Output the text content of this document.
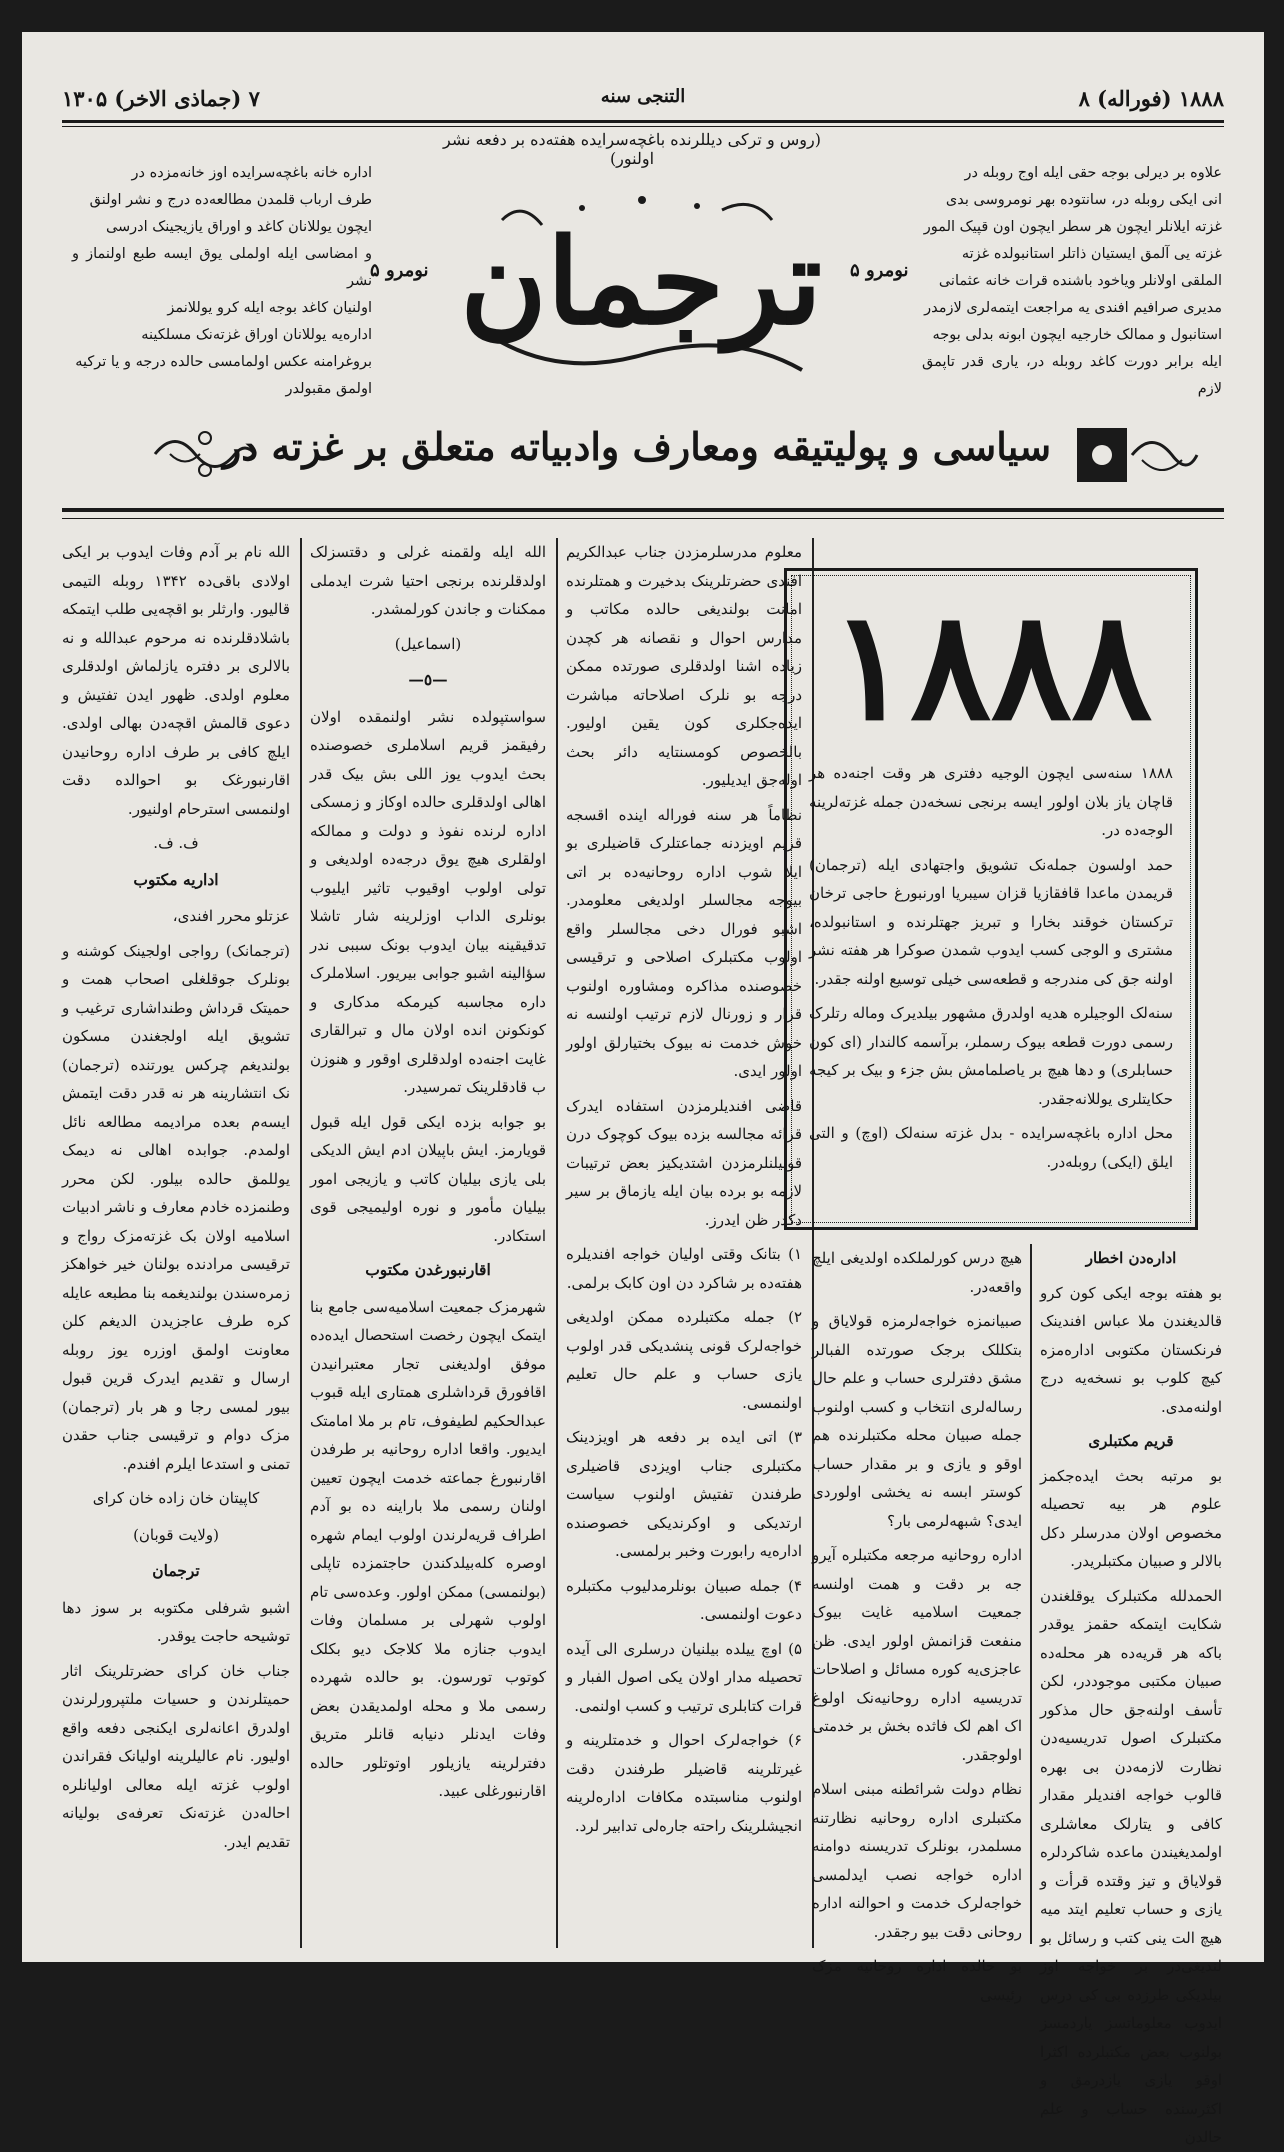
۱۸۸۸ (فوراله) ۸
التنجی سنه
۷ (جماذی الاخر) ۱۳۰۵
(روس و ترکی دیللرنده باغچه‌سرایده هفته‌ده بر دفعه نشر اولنور)
علاوه بر دیرلی بوجه حقی ایله اوج روبله در
انی ایکی روبله در، سانتوده بهر نومروسی بدی
غزته ایلانلر ایچون هر سطر ایچون اون قپیک المور
غزته یی آلمق ایستیان ذاتلر استانبولده غزته
الملقی اولانلر ویاخود باشنده قرات خانه عثمانی
مدیری صرافیم افندی یه مراجعت ایتمه‌لری لازمدر
استانبول و ممالک خارجیه ایچون ابونه بدلی بوجه
ایله برابر دورت کاغد روبله در، یاری قدر تاپمق لازم
اداره خانه باغچه‌سرایده اوز خانه‌مزده در
طرف ارباب قلمدن مطالعه‌ده درج و نشر اولنق
ایچون یوللانان کاغد و اوراق یازیجینک ادرسی
و امضاسی ایله اولملی یوق ایسه طبع اولنماز و نشر
اولنیان کاغد بوجه ایله کرو یوللانمز
اداره‌یه یوللانان اوراق غزته‌نک مسلکینه
بروغرامنه عکس اولمامسی حالده درجه و یا ترکیه
اولمق مقبولدر
نومرو ۵
نومرو ۵ ترجمان
سیاسی و پولیتیقه ومعارف وادبیاته متعلق بر غزته در

الله نام بر آدم وفات ایدوب بر ایکی اولادی باقی‌ده ۱۳۴۲ روبله التیمی قالیور. وارثلر بو اقچه‌یی طلب ایتمکه باشلادقلرنده نه مرحوم عبدالله و نه بالالری بر دفتره یازلماش اولدقلری معلوم اولدی. ظهور ایدن تفتیش و دعوی قالمش اقچه‌دن بهالی اولدی. ایلچ کافی بر طرف اداره روحانیدن اقارنبورغک بو احوالده دقت اولنمسی استرحام اولنیور.

ف. ف.

اداریه مکتوب

عزتلو محرر افندی،

(ترجمانک) رواجی اولجینک کوشنه و بونلرک جوقلغلی اصحاب همت و حمیتک قرداش وطنداشاری ترغیب و تشویق ایله اولجغندن مسکون بولندیغم چرکس یورتنده (ترجمان) نک انتشارینه هر نه قدر دقت ایتمش ایسه‌م بعده مرادیمه مطالعه نائل اولمدم. جوابده اهالی نه دیمک یوللمق حالده بیلور. لکن محرر وطنمزده خادم معارف و ناشر ادبیات اسلامیه اولان بک غزته‌مزک رواج و ترقیسی مرادنده بولنان خیر خواهکز زمره‌سندن بولندیغمه بنا مطبعه عایله کره طرف عاجزیدن الدیغم کلن معاونت اولمق اوزره یوز روبله ارسال و تقدیم ایدرک قرین قبول بیور لمسی رجا و هر بار (ترجمان) مزک دوام و ترقیسی جناب حقدن تمنی و استدعا ایلرم افندم.

کاپیتان خان زاده خان کرای

(ولایت قوبان)

ترجمان

اشبو شرفلی مکتوبه بر سوز دها توشیحه حاجت یوقدر.

جناب خان کرای حضرتلرینک اثار حمیتلرندن و حسیات ملتپرورلرندن اولدرق اعانه‌لری ایکنجی دفعه واقع اولیور. نام عالیلرینه اولیانک فقراندن اولوب غزته ایله معالی اولیانلره احاله‌دن غزته‌نک تعرفه‌ی بولیانه تقدیم ایدر.

الله ایله ولقمنه غرلی و دقتسزلک اولدقلرنده برنجی احتیا شرت ایدملی ممکنات و جاندن کورلمشدر.

(اسماعیل)

—٥—

سواستپولده نشر اولنمقده اولان رفیقمز قریم اسلاملری خصوصنده بحث ایدوب یوز اللی بش بیک قدر اهالی اولدقلری حالده اوکاز و زمسکی اداره لرنده نفوذ و دولت و ممالکه اولقلری هیچ یوق درجه‌ده اولدیغی و تولی اولوب اوقیوب تاثیر ایلیوب بونلری الداب اوزلرینه شار تاشلا تدقیقینه بیان ایدوب بونک سببی ندر سؤالینه اشبو جوابی بیریور. اسلاملرک داره مجاسبه کیرمکه مدکاری و کونکونن انده اولان مال و تبرالقاری غایت اجنه‌ده اولدقلری اوقور و هنوزن ب قادقلرینک تمرسیدر.

بو جوابه بزده ایکی قول ایله قبول قویارمز. ایش باپیلان ادم ایش الدیکی بلی یازی بیلیان کاتب و یازیجی امور بیلیان مأمور و نوره اولیمیجی قوی استکادر.

اقارنبورغدن مکتوب

شهرمزک جمعیت اسلامیه‌سی جامع بنا ایتمک ایچون رخصت استحصال ایده‌ده موفق اولدیغنی تجار معتبرانیدن اقافورق قرداشلری همتاری ایله قبوب عبدالحکیم لطیفوف، تام بر ملا امامتک ایدیور. واقعا اداره روحانیه بر طرفدن اقارنبورغ جماعته خدمت ایچون تعیین اولنان رسمی ملا باراینه ده بو آدم اطراف قریه‌لرندن اولوب ایمام شهره اوصره کله‌بیلدکندن حاجتمزده تاپلی (بولنمسی) ممکن اولور. وعده‌سی تام اولوب شهرلی بر مسلمان وفات ایدوب جنازه ملا کلاجک دیو بکلک کوتوب تورسون. بو حالده شهرده رسمی ملا و محله اولمدیقدن بعض وفات ایدنلر دنیابه قانلر متریق دفترلرینه یازیلور اوتوتلور حالده اقارنبورغلی عبید.

معلوم مدرسلرمزدن جناب عبدالکریم افندی حضرتلرینک بدخیرت و همتلرنده امانت بولندیغی حالده مکاتب و مدارس احوال و نقصانه هر کچدن زیاده اشنا اولدقلری صورتده ممکن درجه بو نلرک اصلاحاته مباشرت ایده‌جکلری کون یقین اولیور. بالخصوص کومسنتایه دائر بحث اوله‌جق ایدیلیور.

نظاماً هر سنه فوراله اینده اقسجه قریم اویزدنه جماعتلرک قاضیلری بو ایلا شوب اداره روحانیه‌ده بر اتی بیوجه مجالسلر اولدیغی معلومدر. اشبو فورال دخی مجالسلر واقع اولوب مکتبلرک اصلاحی و ترقیسی خصوصنده مذاکره ومشاوره اولنوب قرار و زورنال لازم ترتیب اولنسه نه خوش خدمت نه بیوک بختیارلق اولور اولور ایدی.

قاضی افندیلرمزدن استفاده ایدرک قرائه مجالسه بزده بیوک کوچوک درن قونیلنلرمزدن اشتدیکیز بعض ترتیبات لازمه بو برده بیان ایله یازماق بر سیر دکدر ظن ایدرز.

۱) بتانک وقتی اولیان خواجه افندیلره هفته‌ده بر شاکرد دن اون کابک برلمی.

۲) جمله مکتبلرده ممکن اولدیغی خواجه‌لرک قونی پنشدیکی قدر اولوب یازی حساب و علم حال تعلیم اولنمسی.

۳) اتی ایده بر دفعه هر اویزدینک مکتبلری جناب اویزدی قاضیلری طرفندن تفتیش اولنوب سیاست ارتدیکی و اوکرندیکی خصوصنده اداره‌یه رابورت وخبر برلمسی.

۴) جمله صبیان بونلرمدلیوب مکتبلره دعوت اولنمسی.

۵) اوچ ییلده بیلنیان درسلری الی آیده تحصیله مدار اولان یکی اصول الفبار و قرات کتابلری ترتیب و کسب اولنمی.

۶) خواجه‌لرک احوال و خدمتلرینه و غیرتلرینه قاضیلر طرفندن دقت اولنوب مناسبتده مکافات اداره‌لرینه انجیشلرینک راحته جاره‌لی تدابیر لرد.

۱۸۸۸

۱۸۸۸ سنه‌سی ایچون الوجیه دفتری هر وقت اجنه‌ده هر قاچان یاز بلان اولور ایسه برنجی نسخه‌دن جمله غزته‌لرینه الوجه‌ده در.

حمد اولسون جمله‌نک تشویق واجتهادی ایله (ترجمان) قریمدن ماعدا قافقازیا قزان سیبریا اورنبورغ حاجی ترخان ترکستان خوقند بخارا و تبریز جهتلرنده و استانبولده، مشتری و الوجی کسب ایدوب شمدن صوکرا هر هفته نشر اولنه جق کی مندرجه و قطعه‌سی خیلی توسیع اولنه جقدر.

سنه‌لک الوجیلره هدیه اولدرق مشهور بیلدیرک وماله رتلرک رسمی دورت قطعه بیوک رسملر، برآسمه کالندار (ای کون حسابلری) و دها هیچ بر یاصلمامش بش جزء و بیک بر کیجه حکایتلری یوللانه‌جقدر.

محل اداره باغچه‌سرایده - بدل غزته سنه‌لک (اوچ) و التی ایلق (ایکی) روبله‌در.

هیچ درس کورلملکده اولدیغی ایلچ واقعه‌در.

صبیانمزه خواجه‌لرمزه قولاياق و بتکللک برجک صورتده الفبالر مشق دفترلری حساب و علم حال رساله‌لری انتخاب و کسب اولنوب جمله صبیان محله مکتبلرنده هم اوقو و یازی و بر مقدار حساب کوستر ابسه نه یخشی اولوردی ایدی؟ شبهه‌لرمی بار؟

اداره روحانیه مرجعه مکتبلره آیرو جه بر دقت و همت اولنسه جمعیت اسلامیه غایت بیوک منفعت قزانمش اولور ایدی. ظن عاجزی‌یه کوره مسائل و اصلاحات تدریسیه اداره روحانیه‌نک اولوغ اک اهم لک فاثده بخش بر خدمتی اولوجقدر.

نظام دولت شرائطنه مبنی اسلام مکتبلری اداره روحانیه نظارتنه مسلمدر، بونلرک تدریسنه دوامنه اداره خواجه نصب ایدلمسی خواجه‌لرک خدمت و احوالنه اداره روحانی دقت بیو رجقدر.

بو حالده اداره روحانیه مزک رئیسی

اداره‌دن اخطار

بو هفته بوجه ایکی کون کرو قالدیغندن ملا عباس افندینک فرنکستان مکتوبی اداره‌مزه کیچ کلوب بو نسخه‌یه درج اولنه‌مدی.

قریم مکتبلری

بو مرتبه بحث ایده‌جکمز علوم هر بیه تحصیله مخصوص اولان مدرسلر دکل بالالر و صبیان مکتبلریدر.

الحمدلله مکتبلرک یوقلغندن شکایت ایتمکه حقمز یوقدر باکه هر قریه‌ده هر محله‌ده صبیان مکتبی موجوددر، لکن تأسف اولنه‌جق حال مذکور مکتبلرک اصول تدریسیه‌دن نظارت لازمه‌دن بی بهره قالوب خواجه افندیلر مقدار کافی و یتارلک معاشلری اولمدیغیندن ماعده شاکردلره قولایاق و تیز وقتده قرأت و یازی و حساب تعلیم ایتد میه هیچ الت ینی کتب و رسائل بو لندیغی‌در بر خواجه اوز بیلدیکی طرزده بی کی درس ایدوب معلوماتسز یاردمسز بولنوب بعض مکتبلرده اکثرا اوقو یازی یازدرمق و اکثرسنده حساب و علم حالدن
